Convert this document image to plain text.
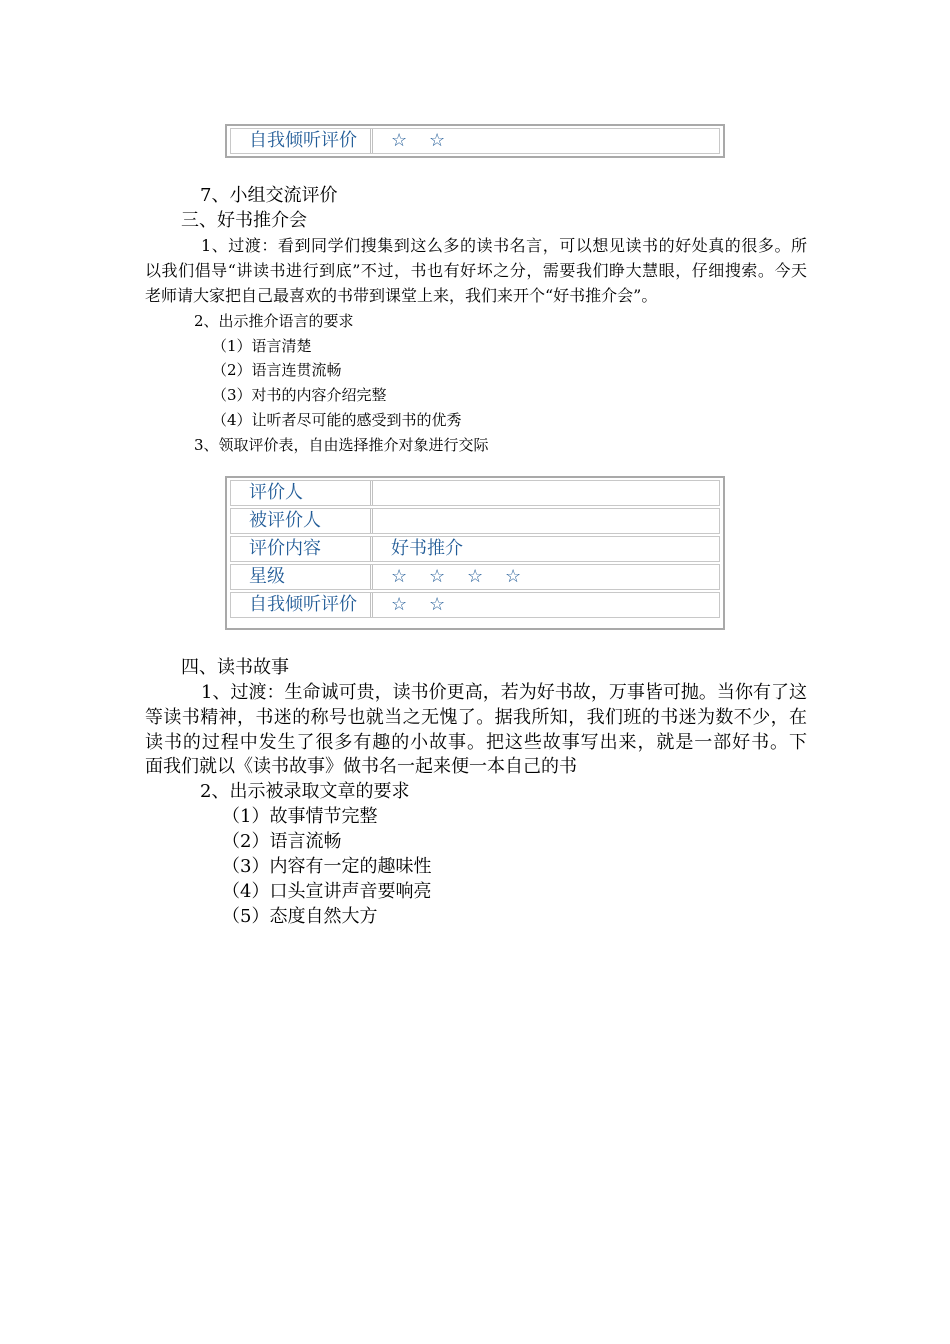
自我倾听评价	☆ ☆
7、小组交流评价
三、好书推介会
1、过渡：看到同学们搜集到这么多的读书名言，可以想见读书的好处真的很多。所
以我们倡导“讲读书进行到底”不过，书也有好坏之分，需要我们睁大慧眼，仔细搜索。今天
老师请大家把自己最喜欢的书带到课堂上来，我们来开个“好书推介会”。
2、出示推介语言的要求
（1）语言清楚
（2）语言连贯流畅
（3）对书的内容介绍完整
（4）让听者尽可能的感受到书的优秀
3、领取评价表，自由选择推介对象进行交际
评价人
被评价人
评价内容	好书推介
星级	☆ ☆ ☆ ☆
自我倾听评价	☆ ☆
四、读书故事
1、过渡：生命诚可贵，读书价更高，若为好书故，万事皆可抛。当你有了这
等读书精神，书迷的称号也就当之无愧了。据我所知，我们班的书迷为数不少，在
读书的过程中发生了很多有趣的小故事。把这些故事写出来，就是一部好书。下
面我们就以《读书故事》做书名一起来便一本自己的书
2、出示被录取文章的要求
（1）故事情节完整
（2）语言流畅
（3）内容有一定的趣味性
（4）口头宣讲声音要响亮
（5）态度自然大方
